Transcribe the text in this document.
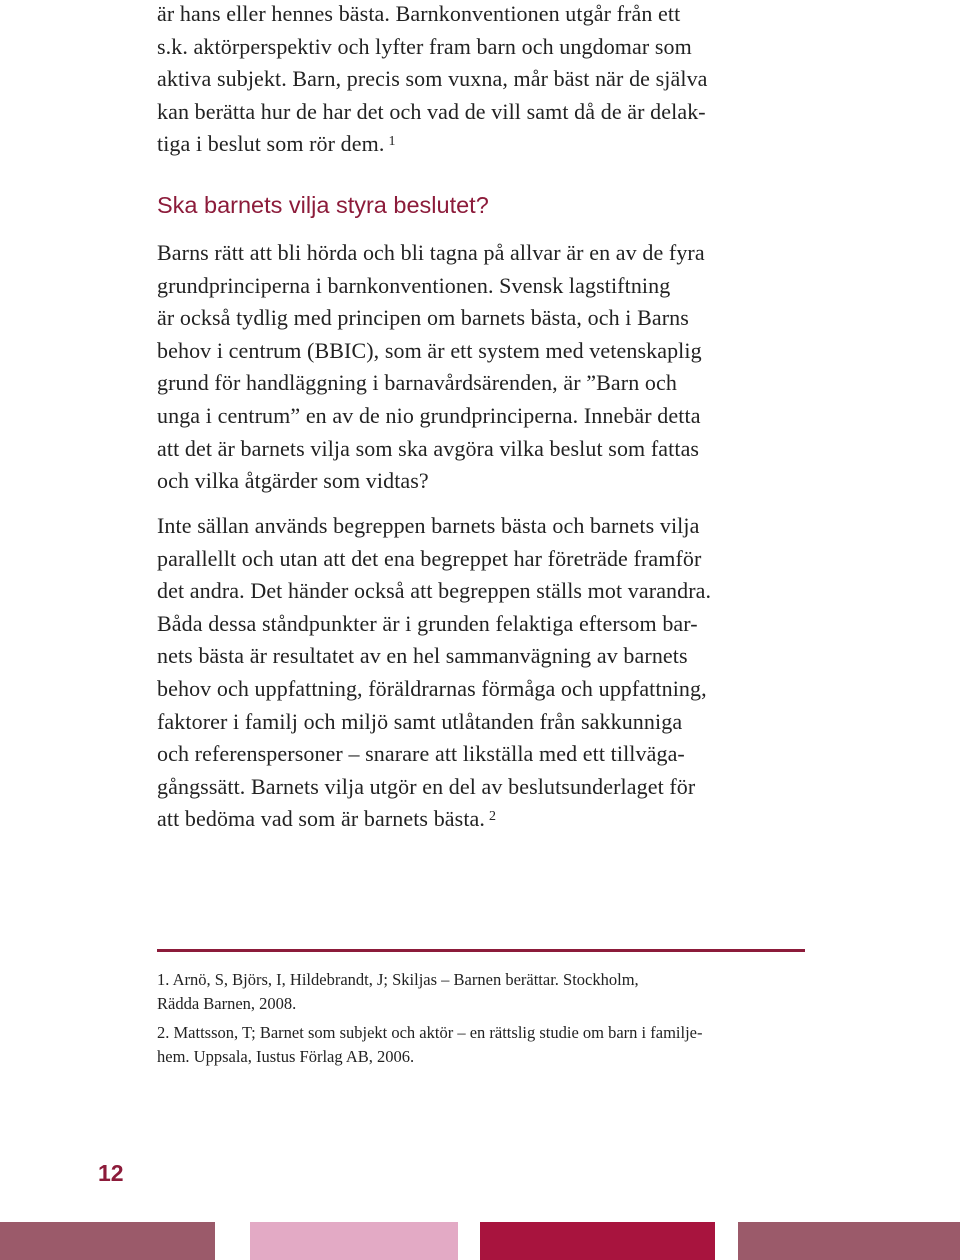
är hans eller hennes bästa. Barnkonventionen utgår från ett
s.k. aktörperspektiv och lyfter fram barn och ungdomar som
aktiva subjekt. Barn, precis som vuxna, mår bäst när de själva
kan berätta hur de har det och vad de vill samt då de är delak-
tiga i beslut som rör dem. $^1$
Ska barnets vilja styra beslutet?
Barns rätt att bli hörda och bli tagna på allvar är en av de fyra
grundprinciperna i barnkonventionen. Svensk lagstiftning
är också tydlig med principen om barnets bästa, och i Barns
behov i centrum (BBIC), som är ett system med vetenskaplig
grund för handläggning i barnavårdsärenden, är ”Barn och
unga i centrum” en av de nio grundprinciperna. Innebär detta
att det är barnets vilja som ska avgöra vilka beslut som fattas
och vilka åtgärder som vidtas?
Inte sällan används begreppen barnets bästa och barnets vilja
parallellt och utan att det ena begreppet har företräde framför
det andra. Det händer också att begreppen ställs mot varandra.
Båda dessa ståndpunkter är i grunden felaktiga eftersom bar-
nets bästa är resultatet av en hel sammanvägning av barnets
behov och uppfattning, föräldrarnas förmåga och uppfattning,
faktorer i familj och miljö samt utlåtanden från sakkunniga
och referenspersoner – snarare att likställa med ett tillväga-
gångssätt. Barnets vilja utgör en del av beslutsunderlaget för
att bedöma vad som är barnets bästa. $^2$
1. Arnö, S, Björs, I, Hildebrandt, J; Skiljas – Barnen berättar. Stockholm,
Rädda Barnen, 2008.
2. Mattsson, T; Barnet som subjekt och aktör – en rättslig studie om barn i familje-
hem. Uppsala, Iustus Förlag AB, 2006.
12
